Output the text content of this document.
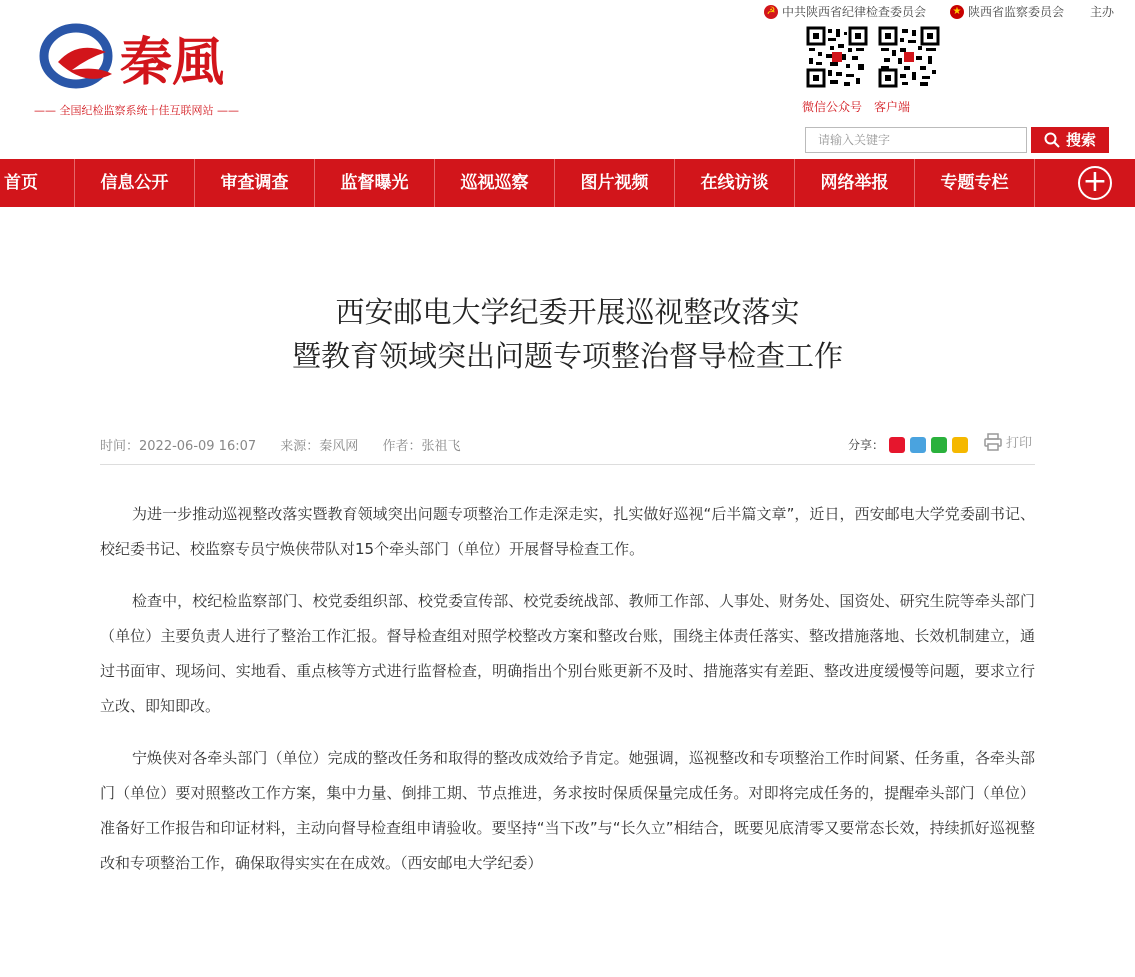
☭ 中共陕西省纪律检查委员会	★ 陕西省监察委员会 主办
秦風
—— 全国纪检监察系统十佳互联网站 ——	微信公众号 客户端
请输入关键字	搜索
首页	信息公开	审查调查	监督曝光	巡视巡察	图片视频	在线访谈	网络举报	专题专栏	+
西安邮电大学纪委开展巡视整改落实
暨教育领域突出问题专项整治督导检查工作
时间：2022-06-09 16:07 来源：秦风网 作者：张祖飞	分享：	打印

为进一步推动巡视整改落实暨教育领域突出问题专项整治工作走深走实，扎实做好巡视“后半篇文章”，近日，西安邮电大学党委副书记、校纪委书记、校监察专员宁焕侠带队对15个牵头部门（单位）开展督导检查工作。

检查中，校纪检监察部门、校党委组织部、校党委宣传部、校党委统战部、教师工作部、人事处、财务处、国资处、研究生院等牵头部门（单位）主要负责人进行了整治工作汇报。督导检查组对照学校整改方案和整改台账，围绕主体责任落实、整改措施落地、长效机制建立，通过书面审、现场问、实地看、重点核等方式进行监督检查，明确指出个别台账更新不及时、措施落实有差距、整改进度缓慢等问题，要求立行立改、即知即改。

宁焕侠对各牵头部门（单位）完成的整改任务和取得的整改成效给予肯定。她强调，巡视整改和专项整治工作时间紧、任务重，各牵头部门（单位）要对照整改工作方案，集中力量、倒排工期、节点推进，务求按时保质保量完成任务。对即将完成任务的，提醒牵头部门（单位）准备好工作报告和印证材料，主动向督导检查组申请验收。要坚持“当下改”与“长久立”相结合，既要见底清零又要常态长效，持续抓好巡视整改和专项整治工作，确保取得实实在在成效。（西安邮电大学纪委）
